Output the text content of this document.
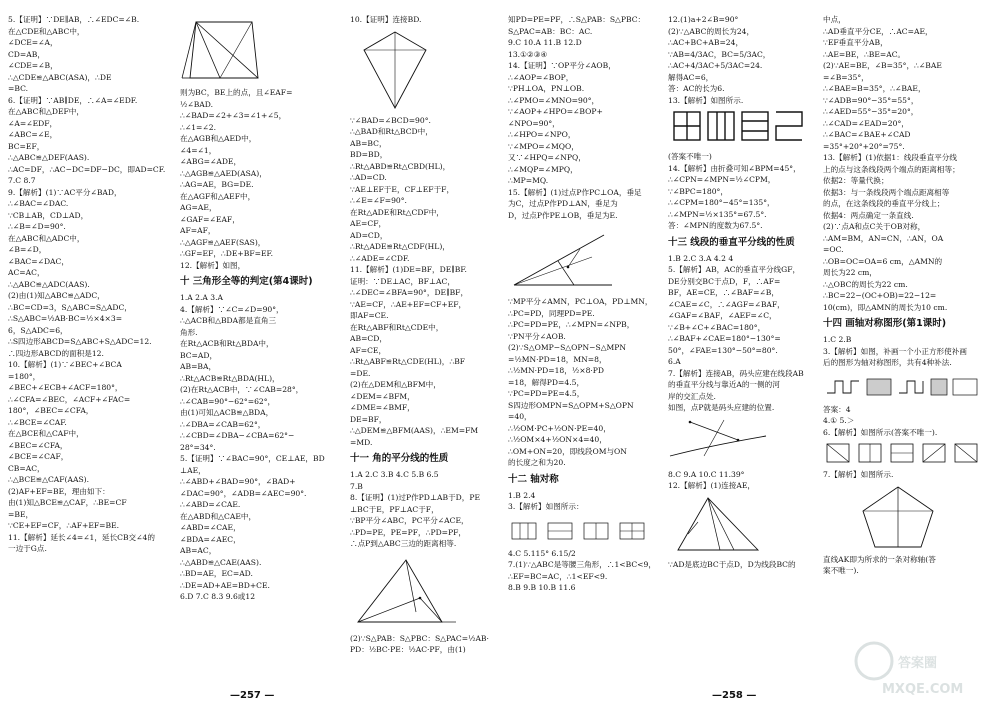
5.【证明】∵DE∥AB，∴∠EDC=∠B.
在△CDE和△ABC中，
∠DCE=∠A，
CD=AB，
∠CDE=∠B，
∴△CDE≌△ABC(ASA)，∴DE
=BC.
6.【证明】∵AB∥DE，∴∠A=∠EDF.
在△ABC和△DEF中，
∠A=∠EDF，
∠ABC=∠E，
BC=EF，
∴△ABC≌△DEF(AAS).
∴AC=DF，∴AC−DC=DF−DC，即AD=CF.
7.C 8.7
9.【解析】(1)∵AC平分∠BAD，
∴∠BAC=∠DAC.
∵CB⊥AB，CD⊥AD，
∴∠B=∠D=90°.
在△ABC和△ADC中，
∠B=∠D，
∠BAC=∠DAC，
AC=AC，
∴△ABC≌△ADC(AAS).
(2)由(1)知△ABC≌△ADC，
∴BC=CD=3，S△ABC=S△ADC，
∴S△ABC=½AB·BC=½×4×3=
6，S△ADC=6，
∴S四边形ABCD=S△ABC+S△ADC=12.
∴四边形ABCD的面积是12.
10.【解析】(1)∵∠BEC+∠BCA
=180°，
∠BEC+∠ECB+∠ACF=180°，
∴∠CFA=∠BEC，∠ACF+∠FAC=
180°，∠BEC=∠CFA，
∴∠BCE=∠CAF.
在△BCE和△CAF中，
∠BEC=∠CFA，
∠BCE=∠CAF，
CB=AC，
∴△BCE≌△CAF(AAS).
(2)AF+EF=BE，理由如下：
由(1)知△BCE≌△CAF，∴BE=CF
=BE，
∵CE+EF=CF，∴AF+EF=BE.
11.【解析】延长∠4=∠1，延长CB交∠4的
一边于G点.
则为BC，BE上的点，且∠EAF=
½∠BAD.
∴∠BAD=∠2+∠3=∠1+∠5，
∴∠1=∠2.
在△AGB和△AED中，
∠4=∠1，
∠ABG=∠ADE，
∴△AGB≌△AED(ASA)，
∴AG=AE，BG=DE.
在△AGF和△AEF中，
AG=AE，
∠GAF=∠EAF，
AF=AF，
∴△AGF≌△AEF(SAS)，
∴GF=EF，∴DE+BF=EF.
12.【解析】如图，
十 三角形全等的判定(第4课时)
1.A 2.A 3.A
4.【解析】∵∠C=∠D=90°，
∴△ACB和△BDA都是直角三
角形.
在Rt△ACB和Rt△BDA中，
BC=AD，
AB=BA，
∴Rt△ACB≌Rt△BDA(HL)，
(2)在Rt△ACB中，∵∠CAB=28°，
∴∠CAB=90°−62°=62°，
由(1)可知△ACB≌△BDA，
∴∠DBA=∠CAB=62°，
∴∠CBD=∠DBA−∠CBA=62°−
28°=34°.
5.【证明】∵∠BAC=90°，CE⊥AE，BD
⊥AE，
∴∠ABD+∠BAD=90°，∠BAD+
∠DAC=90°，∠ADB=∠AEC=90°.
∴∠ABD=∠CAE.
在△ABD和△CAE中，
∠ABD=∠CAE，
∠BDA=∠AEC，
AB=AC，
∴△ABD≌△CAE(AAS).
∴BD=AE，EC=AD.
∴DE=AD+AE=BD+CE.
6.D 7.C 8.3 9.6或12
10.【证明】连接BD.
∵∠BAD=∠BCD=90°.
∴△BAD和Rt△BCD中，
AB=BC，
BD=BD，
∴Rt△ABD≌Rt△CBD(HL)，
∴AD=CD.
∵AE⊥EF于E，CF⊥EF于F，
∴∠E=∠F=90°.
在Rt△ADE和Rt△CDF中，
AE=CF，
AD=CD，
∴Rt△ADE≌Rt△CDF(HL)，
∴∠ADE=∠CDF.
11.【解析】(1)DE=BF，DE∥BF.
证明：∵DE⊥AC，BF⊥AC，
∴∠DEC=∠BFA=90°，DE∥BF，
∵AE=CF，∴AE+EF=CF+EF，
即AF=CE.
在Rt△ABF和Rt△CDE中，
AB=CD，
AF=CE，
∴Rt△ABF≌Rt△CDE(HL)，∴BF
=DE.
(2)在△DEM和△BFM中，
∠DEM=∠BFM，
∠DME=∠BMF，
DE=BF，
∴△DEM≌△BFM(AAS)，∴EM=FM
=MD.
十一 角的平分线的性质
1.A 2.C 3.B 4.C 5.B 6.5
7.B
8.【证明】(1)过P作PD⊥AB于D，PE
⊥BC于E，PF⊥AC于F，
∵BP平分∠ABC，PC平分∠ACE，
∴PD=PE，PE=PF，∴PD=PF，
∴点P到△ABC三边的距离相等.
(2)∵S△PAB：S△PBC：S△PAC=½AB·
PD：½BC·PE：½AC·PF，由(1)
知PD=PE=PF，∴S△PAB：S△PBC：
S△PAC=AB：BC：AC.
9.C 10.A 11.B 12.D
13.①②③④
14.【证明】∵OP平分∠AOB，
∴∠AOP=∠BOP，
∵PH⊥OA，PN⊥OB.
∴∠PMO=∠MNO=90°，
∵∠AOP+∠HPO=∠BOP+
∠NPO=90°，
∴∠HPO=∠NPO，
∵∠MPO=∠MQO，
又∵∠HPQ=∠NPQ，
∴∠MQP=∠MPQ，
∴MP=MQ.
15.【解析】(1)过点P作PC⊥OA，垂足
为C，过点P作PD⊥AN，垂足为
D，过点P作PE⊥OB，垂足为E.
∵MP平分∠AMN，PC⊥OA，PD⊥MN，
∴PC=PD，同理PD=PE.
∴PC=PD=PE，∴∠MPN=∠NPB，
∵PN平分∠AOB.
(2)∵S△OMP−S△OPN−S△MPN
=½MN·PD=18，MN=8，
∴½MN·PD=18，½×8·PD
=18，解得PD=4.5，
∵PC=PD=PE=4.5，
S四边形OMPN=S△OPM+S△OPN
=40，
∴½OM·PC+½ON·PE=40，
∴½OM×4+½ON×4=40，
∴OM+ON=20，即线段OM与ON
的长度之和为20.
十二 轴对称
1.B 2.4
3.【解析】如图所示：
4.C 5.115° 6.15/2
7.(1)∵△ABC是等腰三角形，∴1<BC<9，
∴EF=BC=AC，∴1<EF<9.
8.B 9.B 10.B 11.6
12.(1)a+2∠B=90°
(2)∵△ABC的周长为24，
∴AC+BC+AB=24，
∵AB=4/3AC，BC=5/3AC，
∴AC+4/3AC+5/3AC=24.
解得AC=6，
答：AC的长为6.
13.【解析】如图所示.
(答案不唯一)
14.【解析】由折叠可知∠BPM=45°，
∴∠CPN=∠MPN=½∠CPM，
∵∠BPC=180°，
∴∠CPM=180°−45°=135°，
∴∠MPN=½×135°=67.5°.
答：∠MPN的度数为67.5°.
十三 线段的垂直平分线的性质
1.B 2.C 3.A 4.2 4
5.【解析】AB，AC的垂直平分线GF，
DE分别交BC于点D，F，∴AF=
BF，AE=CE，∴∠BAF=∠B，
∠CAE=∠C，∴∠AGF=∠BAF，
∠GAF=∠BAF，∠AEF=∠C，
∵∠B+∠C+∠BAC=180°，
∴∠BAF+∠CAE=180°−130°=
50°，∠FAE=130°−50°=80°.
6.A
7.【解析】连接AB，码头应建在线段AB
的垂直平分线与靠近A的一侧的河
岸的交汇点处.
如图，点P就是码头应建的位置.
8.C 9.A 10.C 11.39°
12.【解析】(1)连接AE，
∵AD是底边BC于点D，D为线段BC的
中点，
∴AD垂直平分CE，∴AC=AE，
∵EF垂直平分AB，
∴AE=BE，∴BE=AC。
(2)∵AE=BE，∠B=35°，∴∠BAE
=∠B=35°，
∴∠BAE=B=35°，∴∠BAE，
∵∠ADB=90°−35°=55°，
∴∠AED=55°−35°=20°，
∴∠CAD=∠EAD=20°，
∴∠BAC=∠BAE+∠CAD
=35°+20°+20°=75°.
13.【解析】(1)依据1：线段垂直平分线
上的点与这条线段两个端点的距离相等；
依据2：等量代换；
依据3：与一条线段两个端点距离相等
的点，在这条线段的垂直平分线上；
依据4：两点确定一条直线.
(2)∵点A和点C关于OB对称，
∴AM=BM，AN=CN，∴AN，OA
=OC.
∴OB=OC=OA=6 cm，△AMN的
周长为22 cm，
∴△OBC的周长为22 cm.
∴BC=22−(OC+OB)=22−12=
10(cm)，即△AMN的周长为10 cm.
十四 画轴对称图形(第1课时)
1.C 2.B
3.【解析】如图，补画一个小正方形使补画
后的图形为轴对称图形，共有4种补法.
答案：4
4.① 5.＞
6.【解析】如图所示(答案不唯一).
7.【解析】如图所示.
直线AK即为所求的一条对称轴(答
案不唯一).
—257 —	—258 —
答案圈
MXQE.COM
